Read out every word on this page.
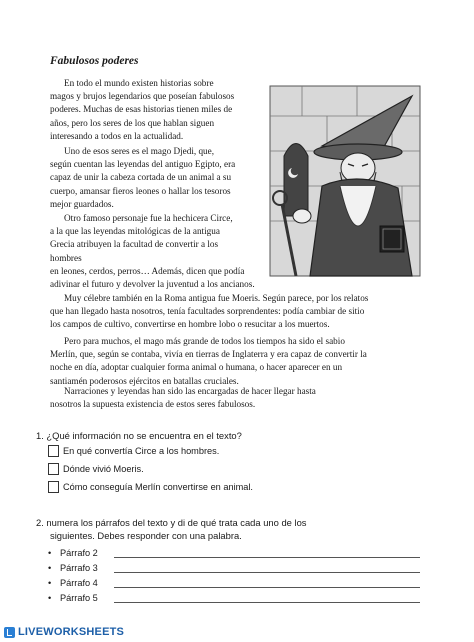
Fabulosos poderes

En todo el mundo existen historias sobre
magos y brujos legendarios que poseían fabulosos
poderes. Muchas de esas historias tienen miles de
años, pero los seres de los que hablan siguen
interesando a todos en la actualidad.

Uno de esos seres es el mago Djedi, que,
según cuentan las leyendas del antiguo Egipto, era
capaz de unir la cabeza cortada de un animal a su
cuerpo, amansar fieros leones o hallar los tesoros
mejor guardados.

Otro famoso personaje fue la hechicera Circe,
a la que las leyendas mitológicas de la antigua
Grecia atribuyen la facultad de convertir a los
hombres
en leones, cerdos, perros… Además, dicen que podía
adivinar el futuro y devolver la juventud a los ancianos.

Muy célebre también en la Roma antigua fue Moeris. Según parece, por los relatos
que han llegado hasta nosotros, tenía facultades sorprendentes: podía cambiar de sitio
los campos de cultivo, convertirse en hombre lobo o resucitar a los muertos.

Pero para muchos, el mago más grande de todos los tiempos ha sido el sabio
Merlín, que, según se contaba, vivía en tierras de Inglaterra y era capaz de convertir la
noche en día, adoptar cualquier forma animal o humana, o hacer aparecer en un
santiamén poderosos ejércitos en batallas cruciales.

Narraciones y leyendas han sido las encargadas de hacer llegar hasta
nosotros la supuesta existencia de estos seres fabulosos.

1. ¿Qué información no se encuentra en el texto?
En qué convertía Circe a los hombres.
Dónde vivió Moeris.
Cómo conseguía Merlín convertirse en animal.
2. numera los párrafos del texto y di de qué trata cada uno de los
siguientes. Debes responder con una palabra.
• Párrafo 2
• Párrafo 3
• Párrafo 4
• Párrafo 5
LIVEWORKSHEETS
